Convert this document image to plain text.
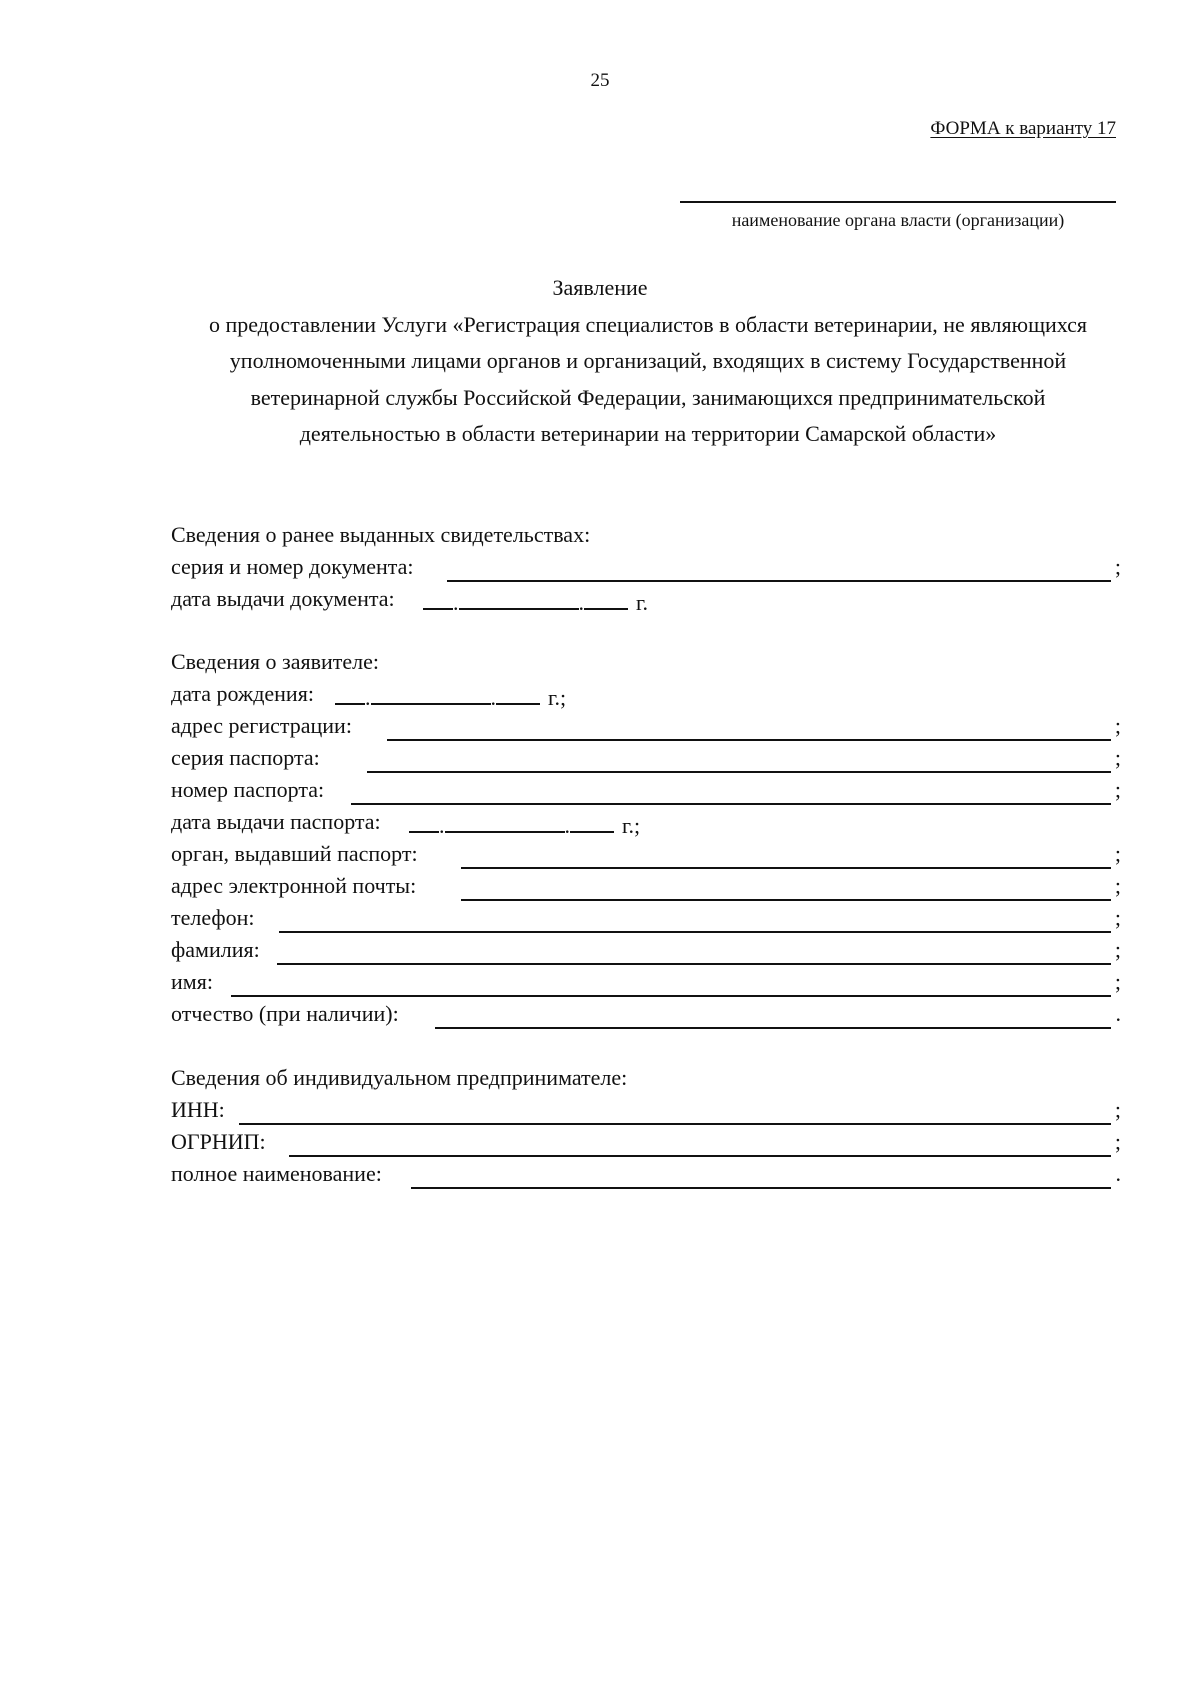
25
ФОРМА к варианту 17
наименование органа власти (организации)
Заявление
о предоставлении Услуги «Регистрация специалистов в области ветеринарии, не являющихся уполномоченными лицами органов и организаций, входящих в систему Государственной ветеринарной службы Российской Федерации, занимающихся предпринимательской деятельностью в области ветеринарии на территории Самарской области»
Сведения о ранее выданных свидетельствах:
серия и номер документа:	;
дата выдачи документа:	.	. г.
Сведения о заявителе:
дата рождения:	.	. г.;
адрес регистрации:	;
серия паспорта:	;
номер паспорта:	;
дата выдачи паспорта:	.	. г.;
орган, выдавший паспорт:	;
адрес электронной почты:	;
телефон:	;
фамилия:	;
имя:	;
отчество (при наличии):	.
Сведения об индивидуальном предпринимателе:
ИНН:	;
ОГРНИП:	;
полное наименование:	.
